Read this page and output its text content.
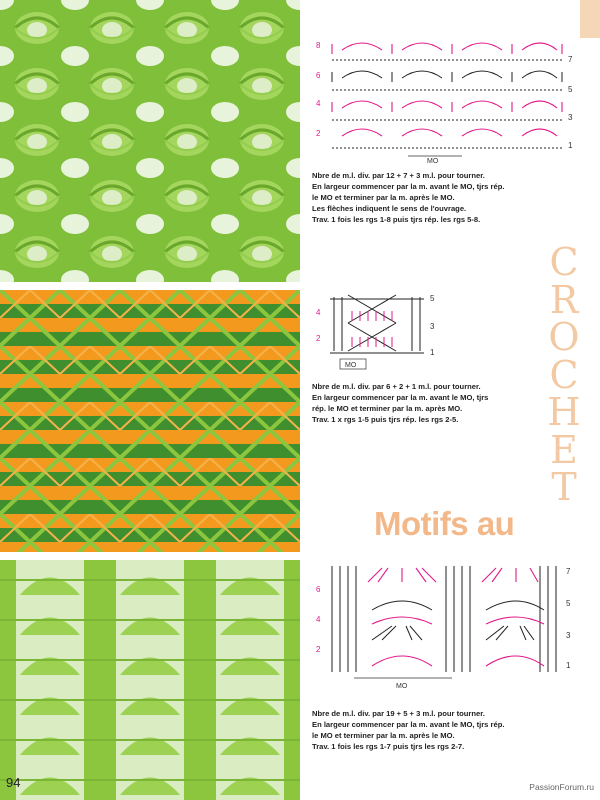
8
6
4
2
7
5
3
1
MO
4
2
5
3
1
MO
6
4
2
7
5
3
1
MO
Nbre de m.l. div. par 12 + 7 + 3 m.l. pour tourner.
En largeur commencer par la m. avant le MO, tjrs rép.
le MO et terminer par la m. après le MO.
Les flèches indiquent le sens de l'ouvrage.
Trav. 1 fois les rgs 1-8 puis tjrs rép. les rgs 5-8.
Nbre de m.l. div. par 6 + 2 + 1 m.l. pour tourner.
En largeur commencer par la m. avant le MO, tjrs
rép. le MO et terminer par la m. après MO.
Trav. 1 x rgs 1-5 puis tjrs rép. les rgs 2-5.
Nbre de m.l. div. par 19 + 5 + 3 m.l. pour tourner.
En largeur commencer par la m. avant le MO, tjrs rép.
le MO et terminer par la m. après le MO.
Trav. 1 fois les rgs 1-7 puis tjrs les rgs 2-7.
C
R
O
C
H
E
T
Motifs au
94	PassionForum.ru
